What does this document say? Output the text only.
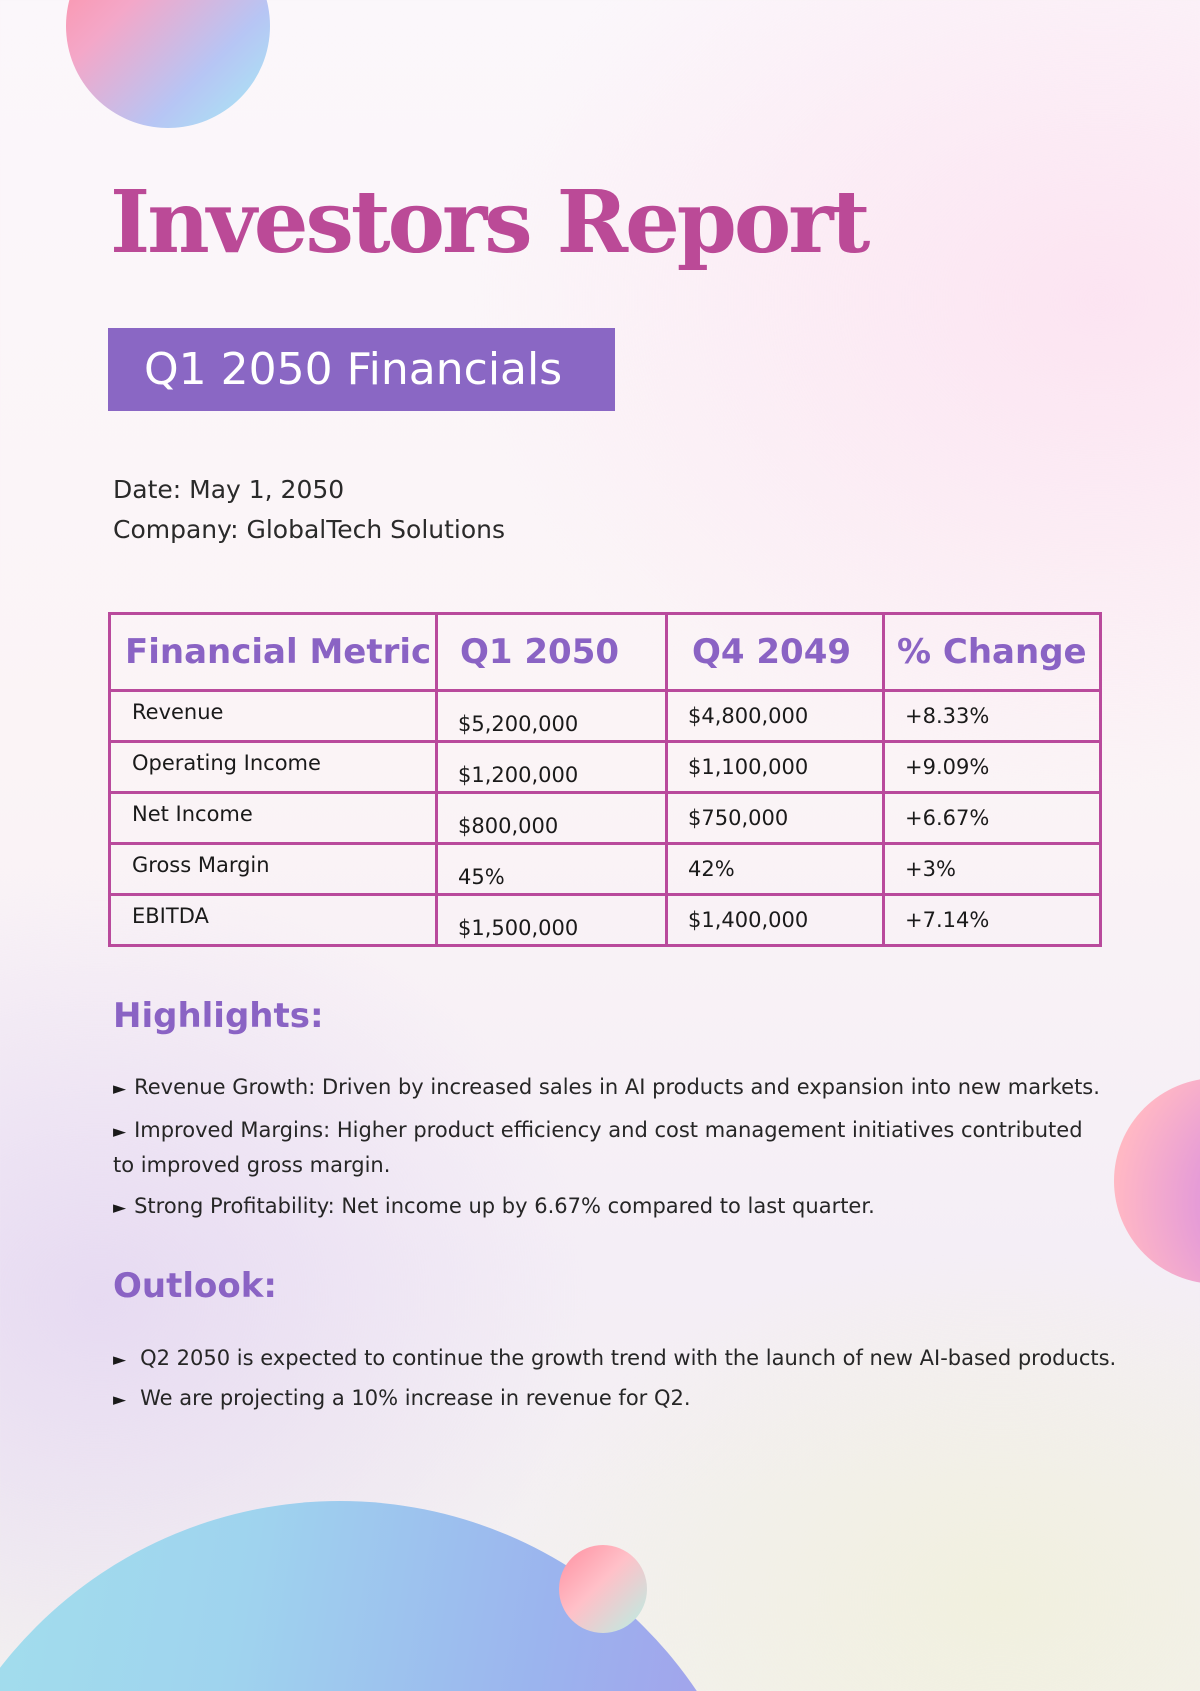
Investors Report
Q1 2050 Financials
Date: May 1, 2050
Company: GlobalTech Solutions
Financial Metric	Q1 2050	Q4 2049	% Change
Revenue	$5,200,000	$4,800,000	+8.33%
Operating Income	$1,200,000	$1,100,000	+9.09%
Net Income	$800,000	$750,000	+6.67%
Gross Margin	45%	42%	+3%
EBITDA	$1,500,000	$1,400,000	+7.14%
Highlights:
► Revenue Growth: Driven by increased sales in AI products and expansion into new markets.
► Improved Margins: Higher product efficiency and cost management initiatives contributed to improved gross margin.
► Strong Profitability: Net income up by 6.67% compared to last quarter.
Outlook:
► Q2 2050 is expected to continue the growth trend with the launch of new AI-based products.
► We are projecting a 10% increase in revenue for Q2.
